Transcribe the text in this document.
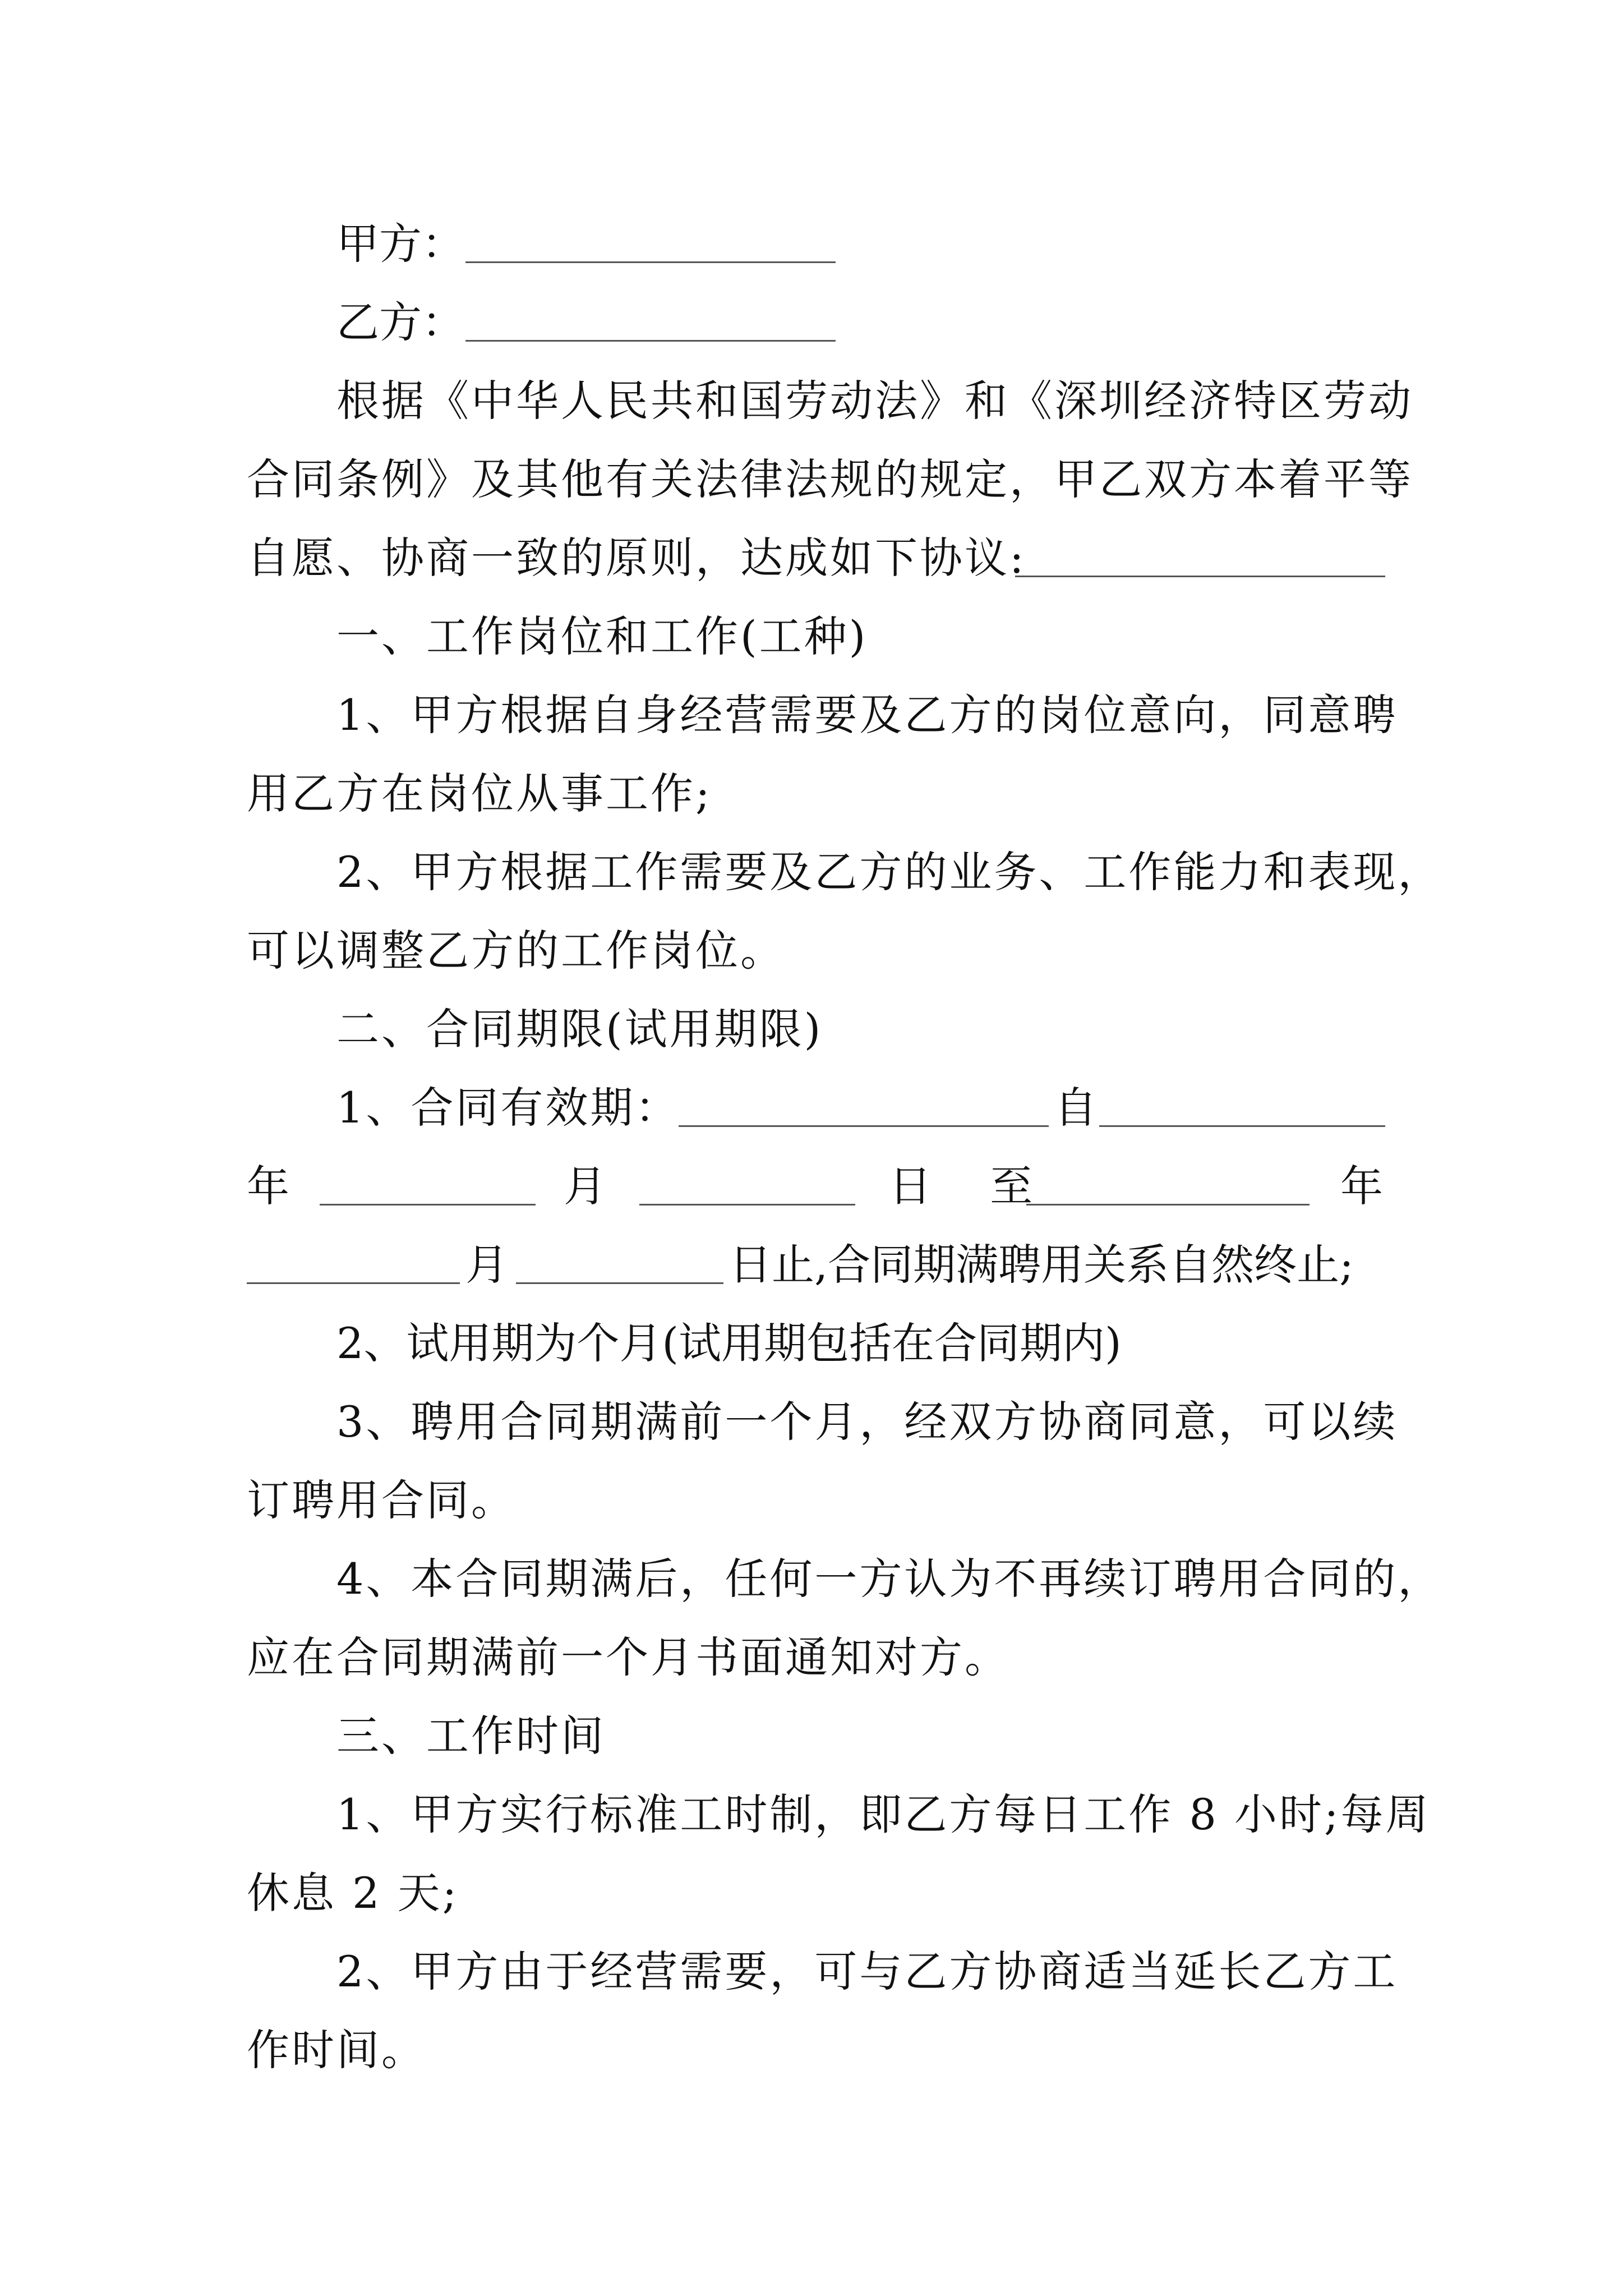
甲方：
乙方：
根据《中华人民共和国劳动法》和《深圳经济特区劳动
合同条例》及其他有关法律法规的规定，甲乙双方本着平等
自愿、协商一致的原则，达成如下协议:
一、工作岗位和工作(工种)
1、甲方根据自身经营需要及乙方的岗位意向，同意聘
用乙方在岗位从事工作;
2、甲方根据工作需要及乙方的业务、工作能力和表现，
可以调整乙方的工作岗位。
二、合同期限(试用期限)
1、合同有效期：	自
年	月	日 至	年
月	日止,合同期满聘用关系自然终止;
2、试用期为个月(试用期包括在合同期内)
3、聘用合同期满前一个月，经双方协商同意，可以续
订聘用合同。
4、本合同期满后，任何一方认为不再续订聘用合同的，
应在合同期满前一个月书面通知对方。
三、工作时间
1、甲方实行标准工时制，即乙方每日工作 8 小时;每周
休息 2 天;
2、甲方由于经营需要，可与乙方协商适当延长乙方工
作时间。
